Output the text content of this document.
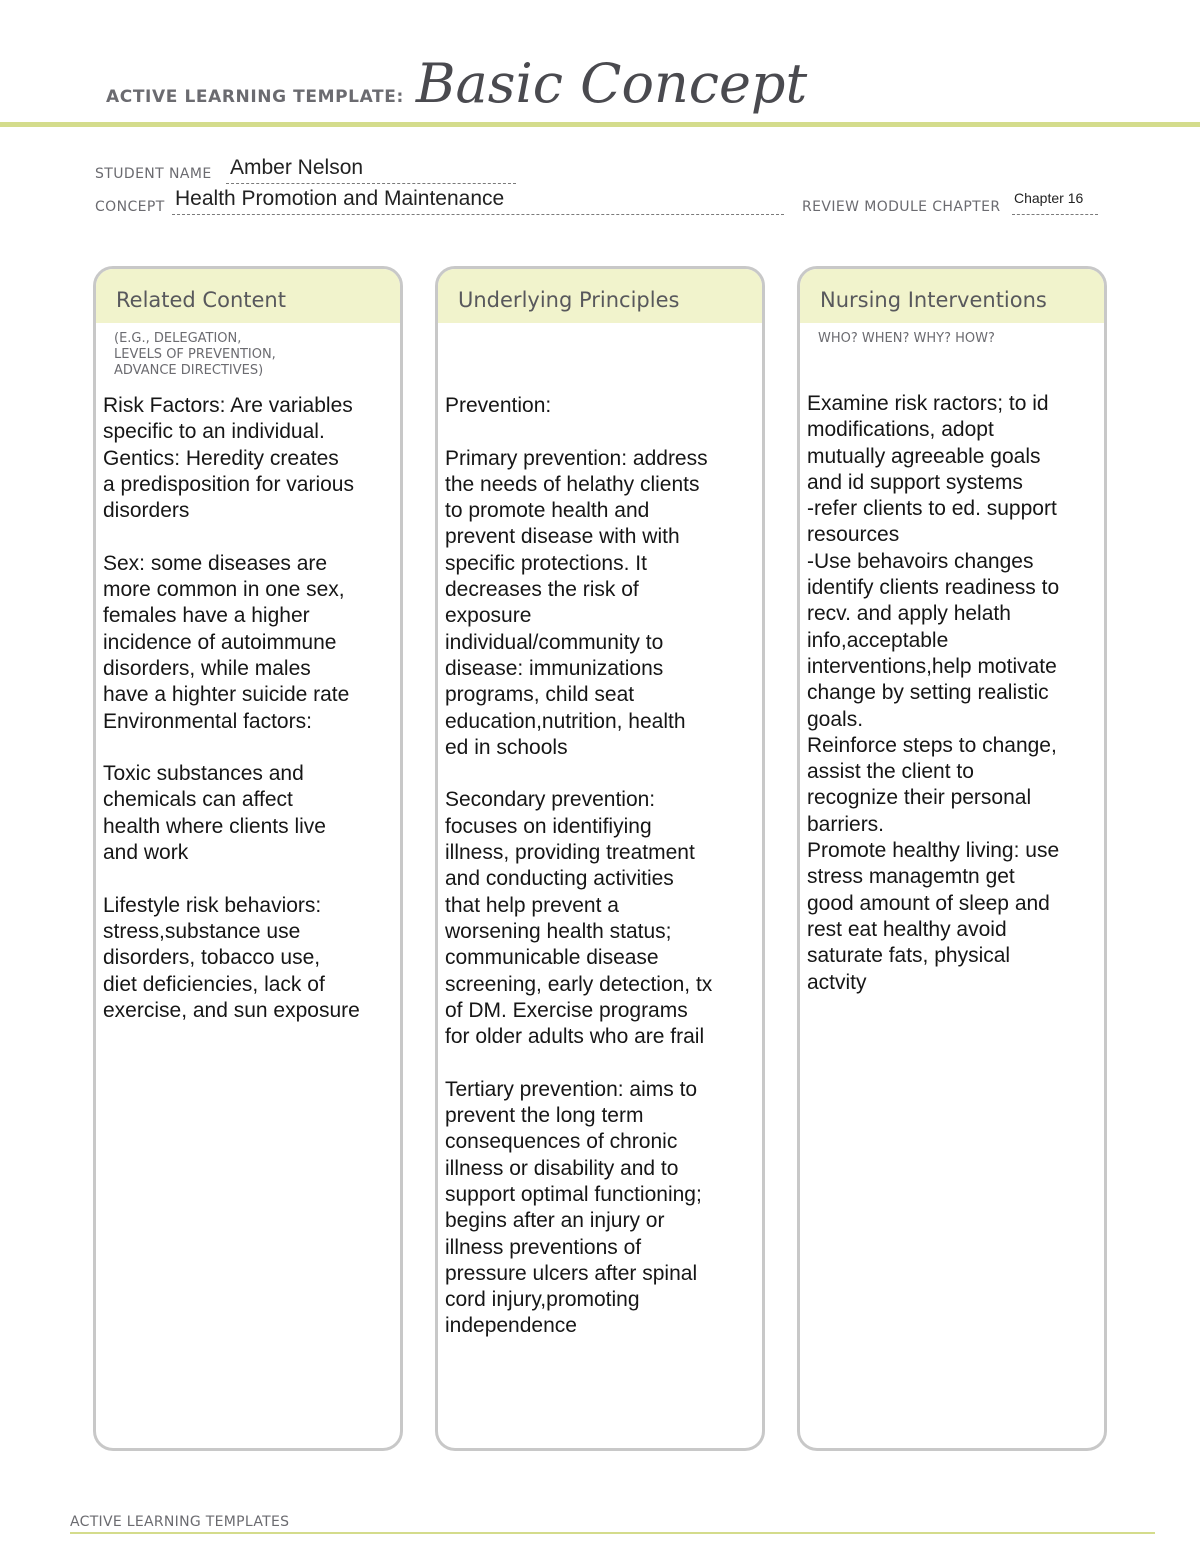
ACTIVE LEARNING TEMPLATE: Basic Concept
STUDENT NAME Amber Nelson
CONCEPT Health Promotion and Maintenance	REVIEW MODULE CHAPTER
Chapter 16
Related Content
(E.G., DELEGATION,
LEVELS OF PREVENTION,
ADVANCE DIRECTIVES)
Risk Factors: Are variables
specific to an individual.
Gentics: Heredity creates
a predisposition for various
disorders

Sex: some diseases are
more common in one sex,
females have a higher
incidence of autoimmune
disorders, while males
have a highter suicide rate
Environmental factors:

Toxic substances and
chemicals can affect
health where clients live
and work

Lifestyle risk behaviors:
stress,substance use
disorders, tobacco use,
diet deficiencies, lack of
exercise, and sun exposure
Underlying Principles
Prevention:

Primary prevention: address
the needs of helathy clients
to promote health and
prevent disease with with
specific protections. It
decreases the risk of
exposure
individual/community to
disease: immunizations
programs, child seat
education,nutrition, health
ed in schools

Secondary prevention:
focuses on identifiying
illness, providing treatment
and conducting activities
that help prevent a
worsening health status;
communicable disease
screening, early detection, tx
of DM. Exercise programs
for older adults who are frail

Tertiary prevention: aims to
prevent the long term
consequences of chronic
illness or disability and to
support optimal functioning;
begins after an injury or
illness preventions of
pressure ulcers after spinal
cord injury,promoting
independence
Nursing Interventions
WHO? WHEN? WHY? HOW?
Examine risk ractors; to id
modifications, adopt
mutually agreeable goals
and id support systems
-refer clients to ed. support
resources
-Use behavoirs changes
identify clients readiness to
recv. and apply helath
info,acceptable
interventions,help motivate
change by setting realistic
goals.
Reinforce steps to change,
assist the client to
recognize their personal
barriers.
Promote healthy living: use
stress managemtn get
good amount of sleep and
rest eat healthy avoid
saturate fats, physical
actvity
ACTIVE LEARNING TEMPLATES
